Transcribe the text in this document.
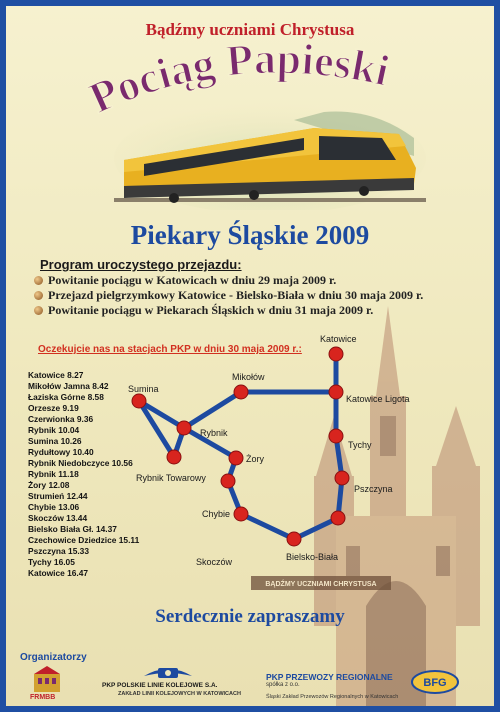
Bądźmy uczniami Chrystusa
Pociąg Papieski
Piekary Śląskie 2009
Program uroczystego przejazdu:
Powitanie pociągu w Katowicach w dniu 29 maja 2009 r.
Przejazd pielgrzymkowy Katowice - Bielsko-Biała w dniu 30 maja 2009 r.
Powitanie pociągu w Piekarach Śląskich w dniu 31 maja 2009 r.
Katowice
Mikołów
Katowice Ligota
Sumina
Rybnik
Tychy
Żory
Rybnik Towarowy
Pszczyna
Chybie
Skoczów	Bielsko-Biała
BĄDŹMY UCZNIAMI CHRYSTUSA
Oczekujcie nas na stacjach PKP w dniu 30 maja 2009 r.:
Katowice 8.27
Mikołów Jamna 8.42
Łaziska Górne 8.58
Orzesze 9.19
Czerwionka 9.36
Rybnik 10.04
Sumina 10.26
Rydułtowy 10.40
Rybnik Niedobczyce 10.56
Rybnik 11.18
Żory 12.08
Strumień 12.44
Chybie 13.06
Skoczów 13.44
Bielsko Biała Gł. 14.37
Czechowice Dziedzice 15.11
Pszczyna 15.33
Tychy 16.05
Katowice 16.47
Serdecznie zapraszamy
Organizatorzy
FRMBB
PKP POLSKIE LINIE KOLEJOWE S.A.
ZAKŁAD LINII KOLEJOWYCH W KATOWICACH
PKP PRZEWOZY REGIONALNE
spółka z o.o.
Śląski Zakład Przewozów Regionalnych w Katowicach
BFG
